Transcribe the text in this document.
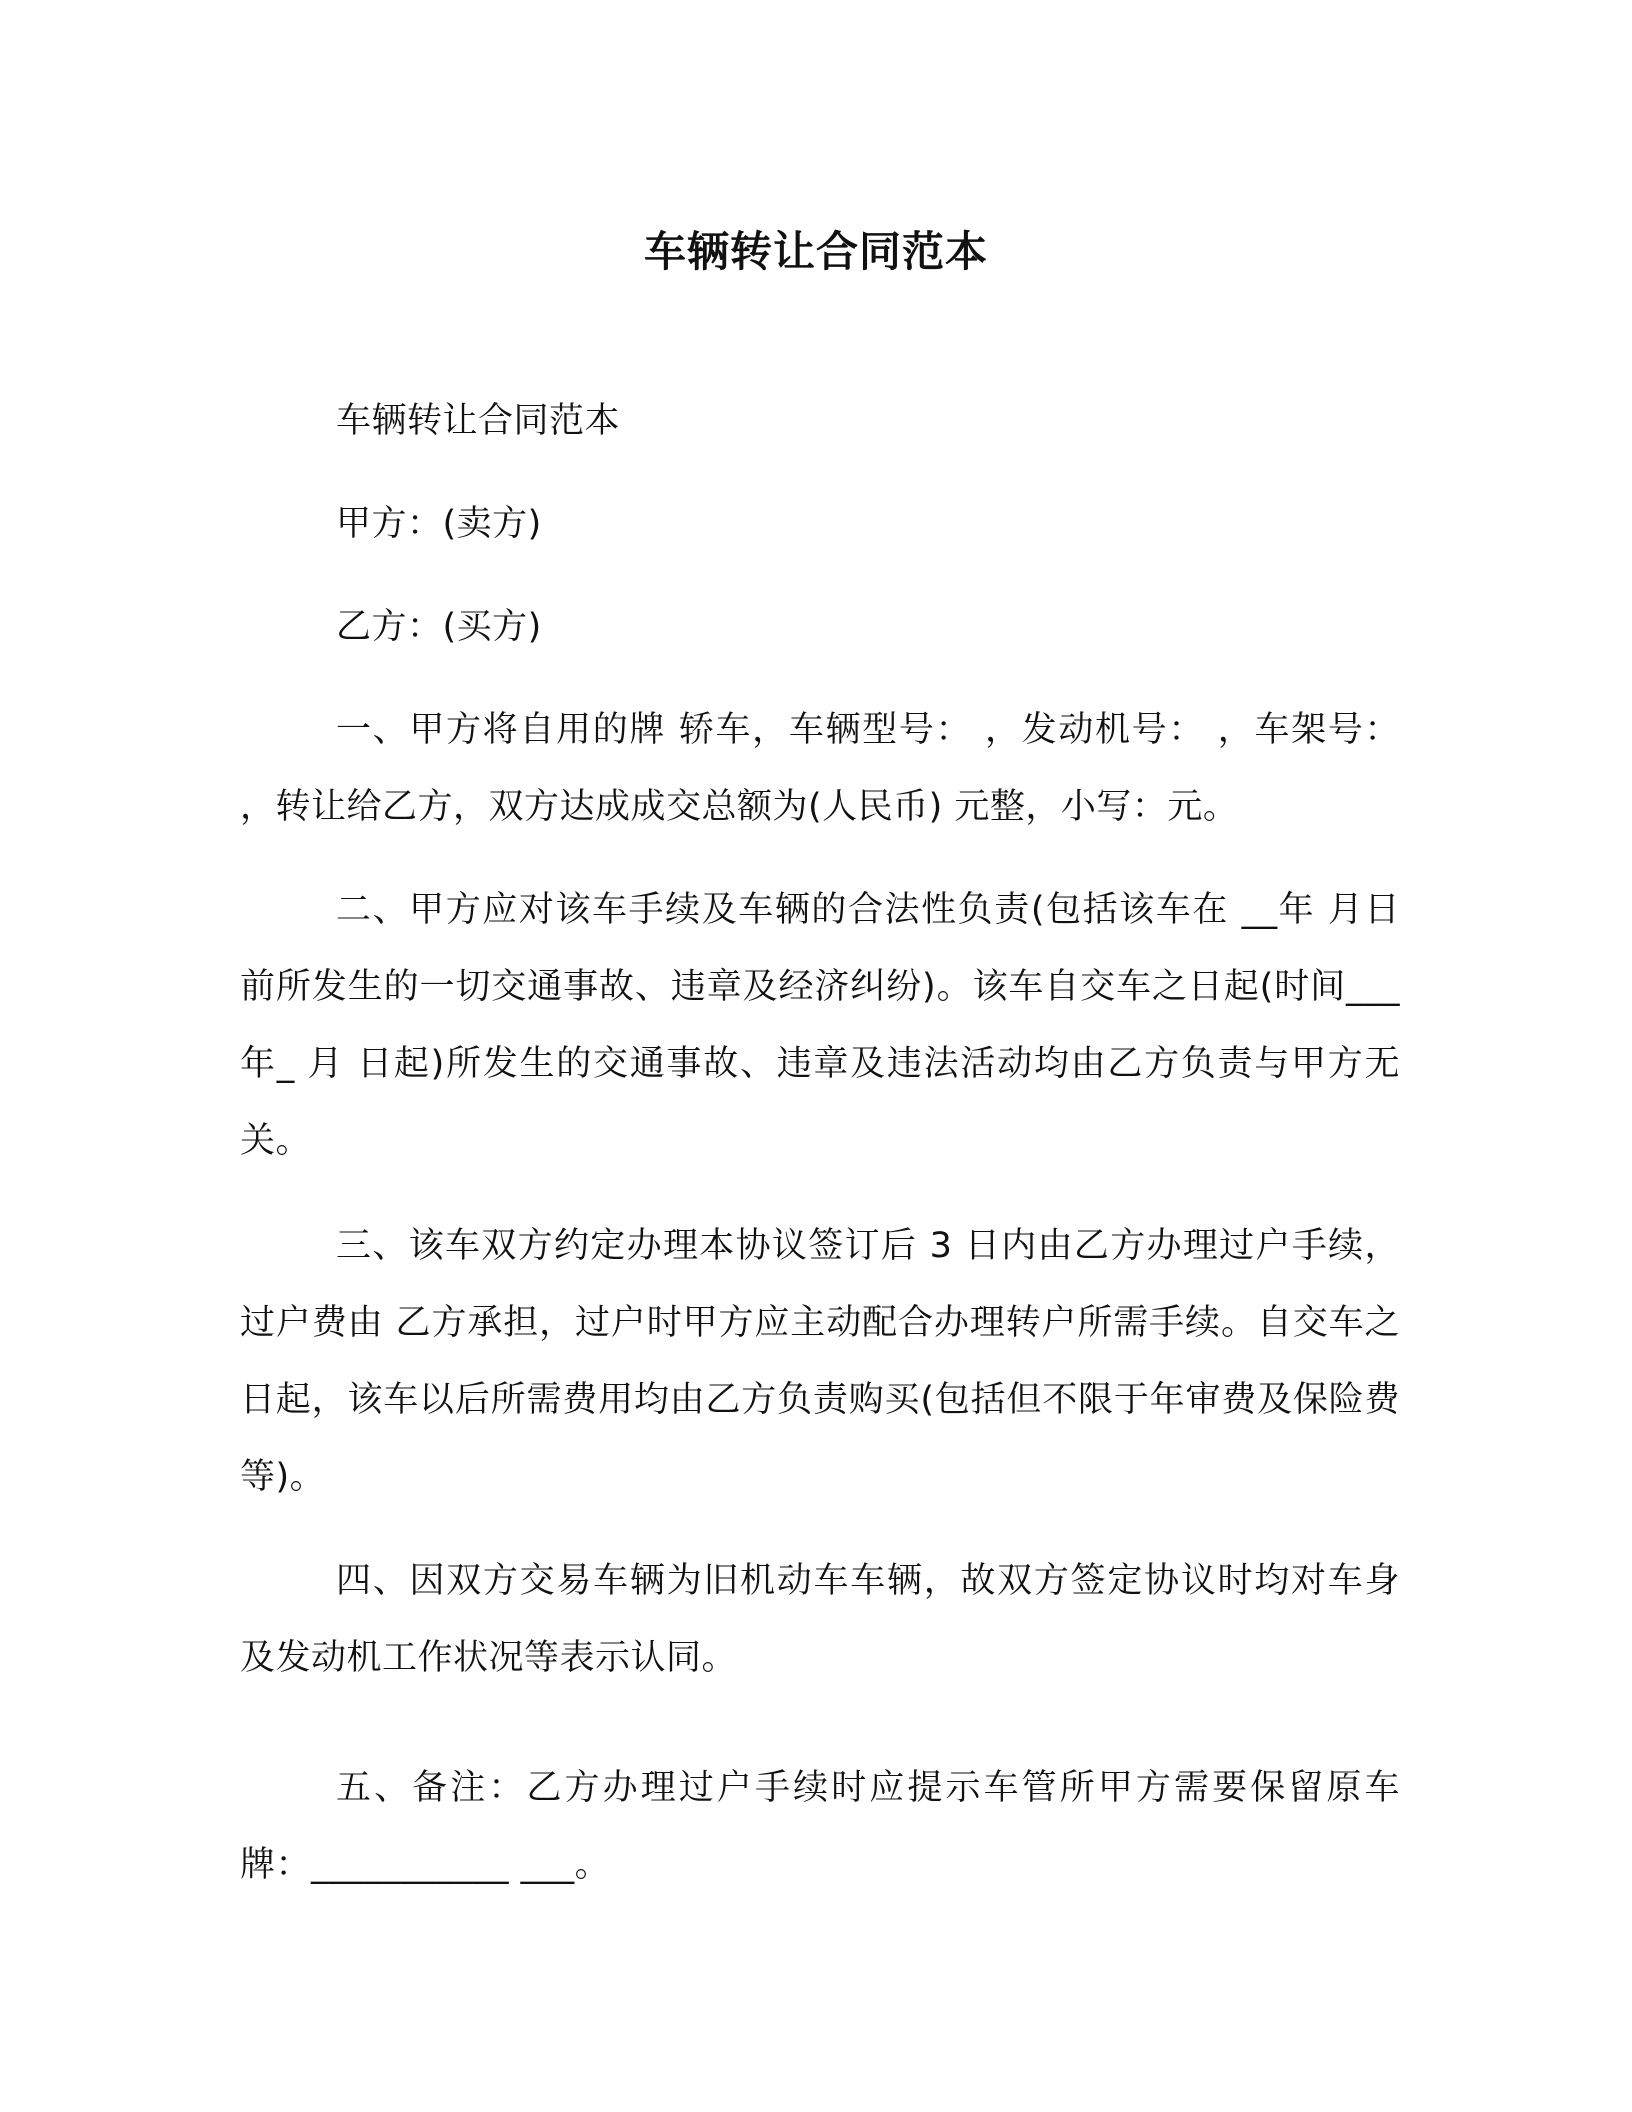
车辆转让合同范本

车辆转让合同范本

甲方：(卖方)

乙方：(买方)

一、甲方将自用的牌 轿车，车辆型号： ，发动机号： ，车架号： ，转让给乙方，双方达成成交总额为(人民币) 元整，小写：元。

二、甲方应对该车手续及车辆的合法性负责(包括该车在 __年 月日前所发生的一切交通事故、违章及经济纠纷)。该车自交车之日起(时间___ 年_ 月 日起)所发生的交通事故、违章及违法活动均由乙方负责与甲方无关。

三、该车双方约定办理本协议签订后 3 日内由乙方办理过户手续，过户费由 乙方承担，过户时甲方应主动配合办理转户所需手续。自交车之日起，该车以后所需费用均由乙方负责购买(包括但不限于年审费及保险费等)。

四、因双方交易车辆为旧机动车车辆，故双方签定协议时均对车身及发动机工作状况等表示认同。

五、备注：乙方办理过户手续时应提示车管所甲方需要保留原车牌：___________ ___。
